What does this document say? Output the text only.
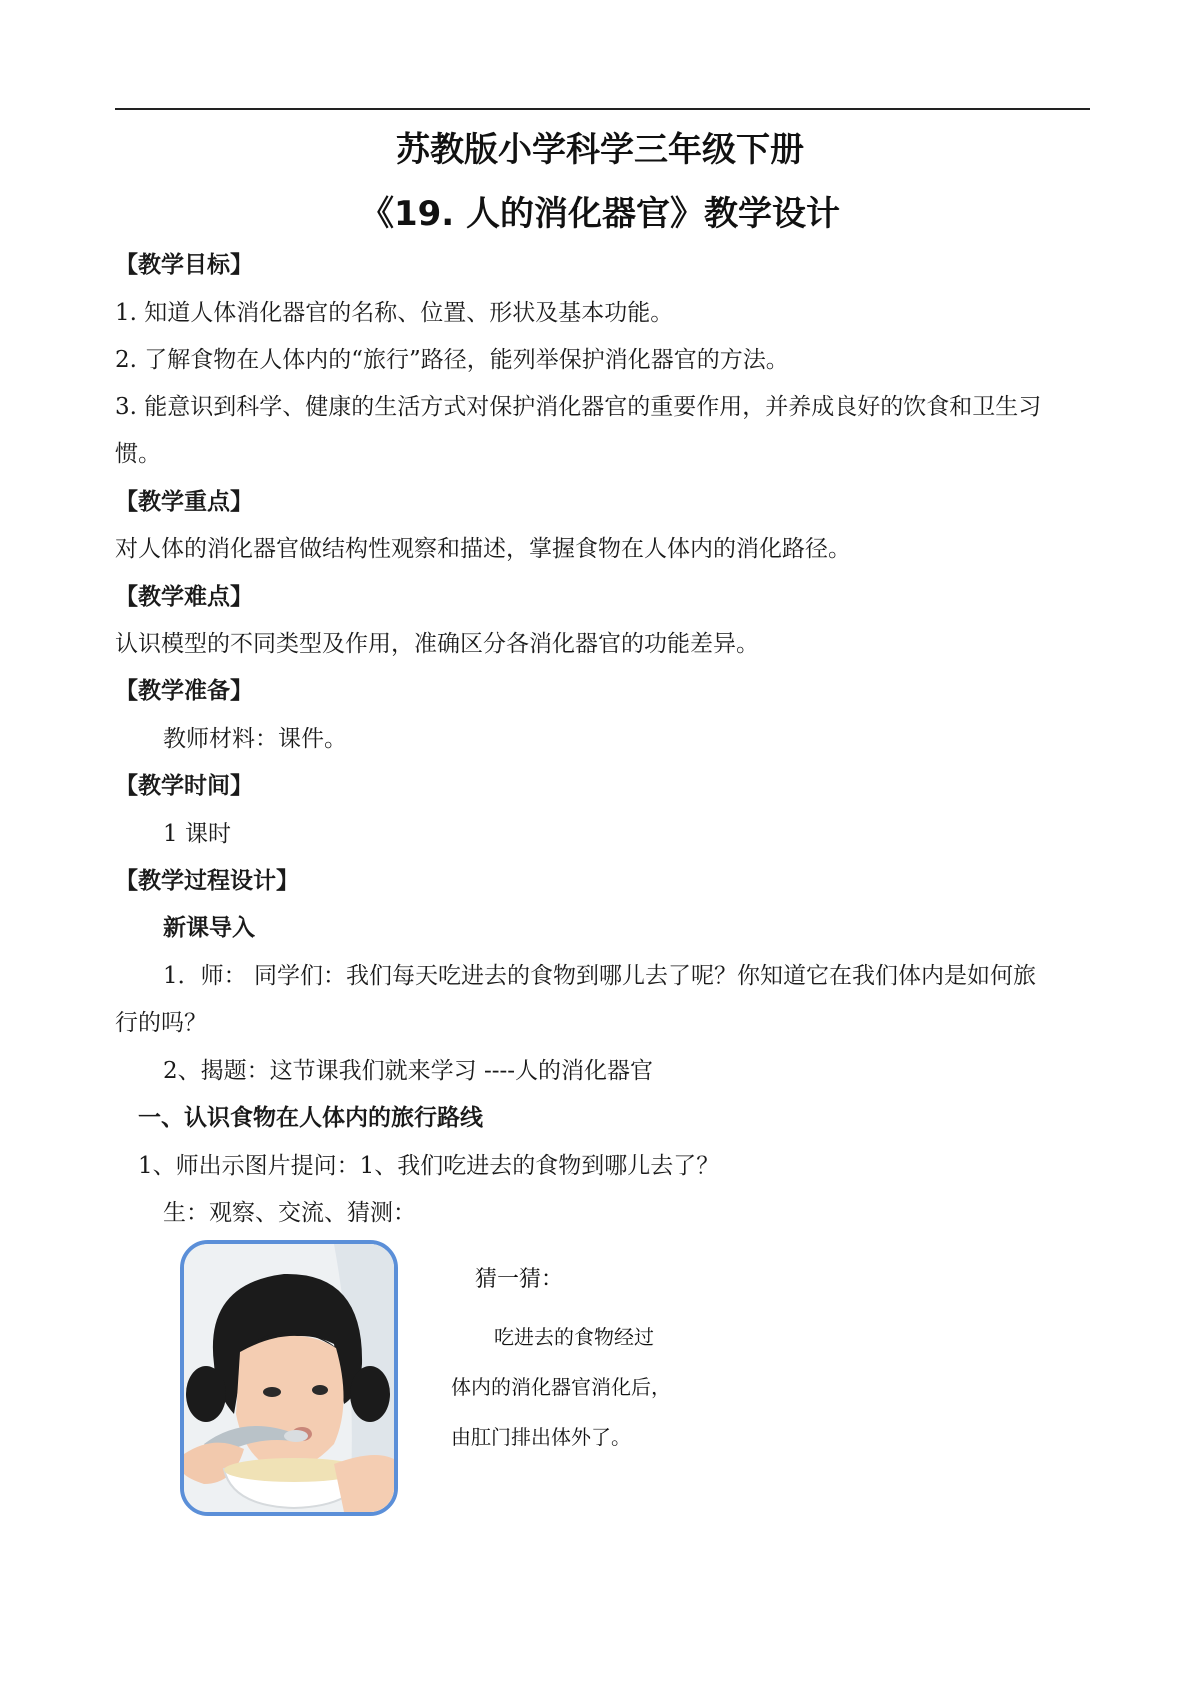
苏教版小学科学三年级下册
《19. 人的消化器官》教学设计
【教学目标】
1. 知道人体消化器官的名称、位置、形状及基本功能。
2. 了解食物在人体内的“旅行”路径，能列举保护消化器官的方法。
3. 能意识到科学、健康的生活方式对保护消化器官的重要作用，并养成良好的饮食和卫生习
惯。
【教学重点】
对人体的消化器官做结构性观察和描述，掌握食物在人体内的消化路径。
【教学难点】
认识模型的不同类型及作用，准确区分各消化器官的功能差异。
【教学准备】
教师材料：课件。
【教学时间】
1 课时
【教学过程设计】
新课导入
1．师： 同学们：我们每天吃进去的食物到哪儿去了呢？你知道它在我们体内是如何旅
行的吗？
2、揭题：这节课我们就来学习 ----人的消化器官
一、认识食物在人体内的旅行路线
1、师出示图片提问：1、我们吃进去的食物到哪儿去了？
生：观察、交流、猜测：
猜一猜：
吃进去的食物经过
体内的消化器官消化后，
由肛门排出体外了。
